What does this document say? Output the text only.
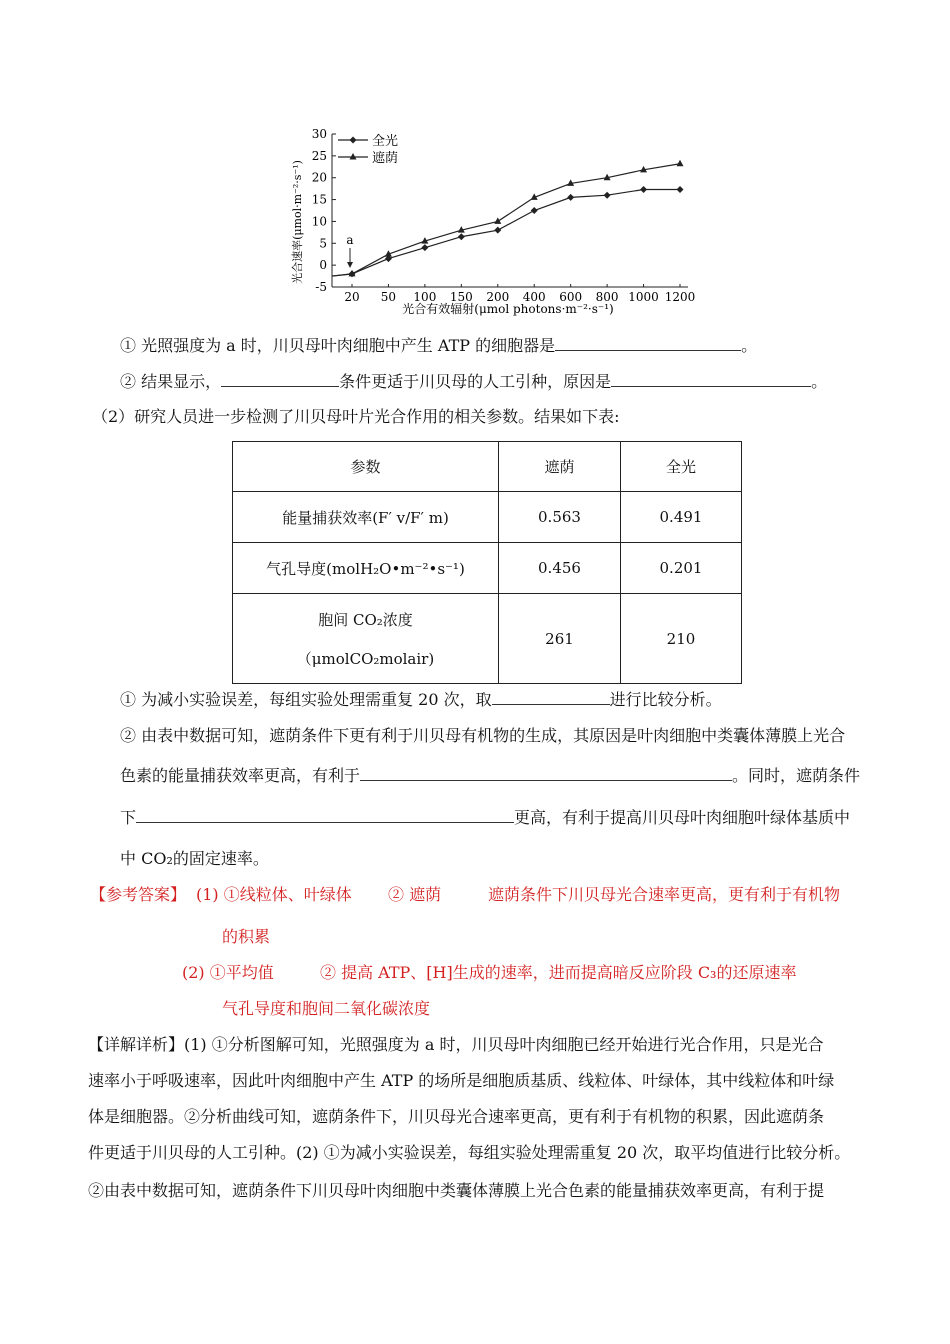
30
25
20
15
10
5
0
-5
20 50 100 150 200 400 600 800 1000 1200
全光
遮荫
光合速率(μmol·m⁻²·s⁻¹)
光合有效辐射(μmol photons·m⁻²·s⁻¹)
a
① 光照强度为 a 时，川贝母叶肉细胞中产生 ATP 的细胞器是	。
② 结果显示，	条件更适于川贝母的人工引种，原因是	。
（2）研究人员进一步检测了川贝母叶片光合作用的相关参数。结果如下表:
参数	遮荫	全光
能量捕获效率(F′ v/F′ m)	0.563	0.491
气孔导度(molH₂O•m⁻²•s⁻¹)	0.456	0.201

胞间 CO₂浓度
（μmolCO₂molair)	261	210
① 为减小实验误差，每组实验处理需重复 20 次，取	进行比较分析。
② 由表中数据可知，遮荫条件下更有利于川贝母有机物的生成，其原因是叶肉细胞中类囊体薄膜上光合
色素的能量捕获效率更高，有利于	。同时，遮荫条件
下	更高，有利于提高川贝母叶肉细胞叶绿体基质中
中 CO₂的固定速率。
【参考答案】 (1) ①线粒体、叶绿体 ② 遮荫	遮荫条件下川贝母光合速率更高，更有利于有机物
的积累
(2) ①平均值	② 提高 ATP、[H]生成的速率，进而提高暗反应阶段 C₃的还原速率
气孔导度和胞间二氧化碳浓度
【详解详析】(1) ①分析图解可知，光照强度为 a 时，川贝母叶肉细胞已经开始进行光合作用，只是光合
速率小于呼吸速率，因此叶肉细胞中产生 ATP 的场所是细胞质基质、线粒体、叶绿体，其中线粒体和叶绿
体是细胞器。②分析曲线可知，遮荫条件下，川贝母光合速率更高，更有利于有机物的积累，因此遮荫条
件更适于川贝母的人工引种。(2) ①为减小实验误差，每组实验处理需重复 20 次，取平均值进行比较分析。
②由表中数据可知，遮荫条件下川贝母叶肉细胞中类囊体薄膜上光合色素的能量捕获效率更高，有利于提
